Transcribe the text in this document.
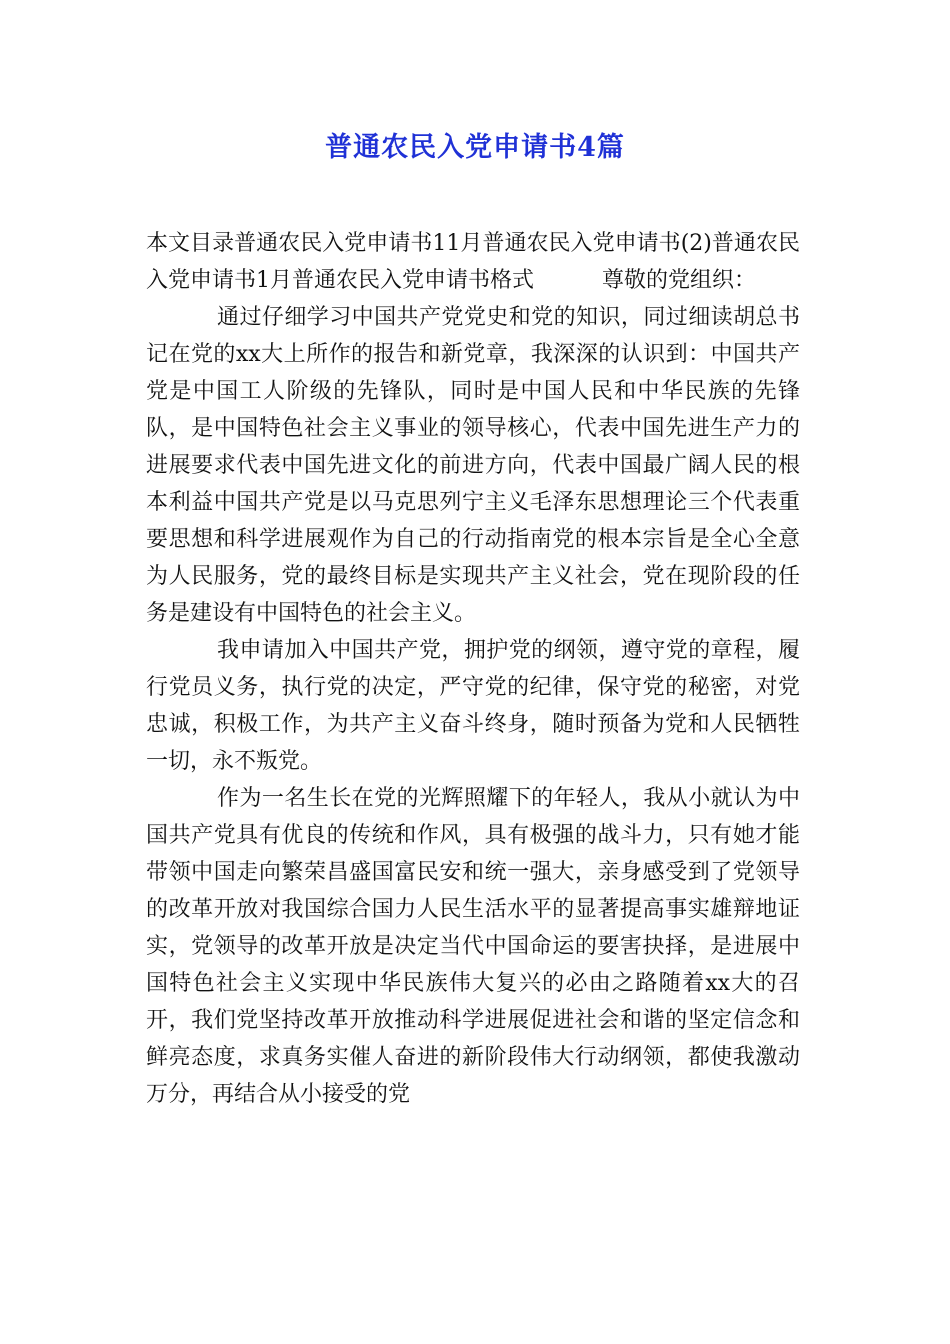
普通农民入党申请书4篇

本文目录普通农民入党申请书11月普通农民入党申请书(2)普通农民入党申请书1月普通农民入党申请书格式	尊敬的党组织：

通过仔细学习中国共产党党史和党的知识，同过细读胡总书记在党的xx大上所作的报告和新党章，我深深的认识到：中国共产党是中国工人阶级的先锋队，同时是中国人民和中华民族的先锋队，是中国特色社会主义事业的领导核心，代表中国先进生产力的进展要求代表中国先进文化的前进方向，代表中国最广阔人民的根本利益中国共产党是以马克思列宁主义毛泽东思想理论三个代表重要思想和科学进展观作为自己的行动指南党的根本宗旨是全心全意为人民服务，党的最终目标是实现共产主义社会，党在现阶段的任务是建设有中国特色的社会主义。

我申请加入中国共产党，拥护党的纲领，遵守党的章程，履行党员义务，执行党的决定，严守党的纪律，保守党的秘密，对党忠诚，积极工作，为共产主义奋斗终身，随时预备为党和人民牺牲一切，永不叛党。

作为一名生长在党的光辉照耀下的年轻人，我从小就认为中国共产党具有优良的传统和作风，具有极强的战斗力，只有她才能带领中国走向繁荣昌盛国富民安和统一强大，亲身感受到了党领导的改革开放对我国综合国力人民生活水平的显著提高事实雄辩地证实，党领导的改革开放是决定当代中国命运的要害抉择，是进展中国特色社会主义实现中华民族伟大复兴的必由之路随着xx大的召开，我们党坚持改革开放推动科学进展促进社会和谐的坚定信念和鲜亮态度，求真务实催人奋进的新阶段伟大行动纲领，都使我激动万分，再结合从小接受的党
